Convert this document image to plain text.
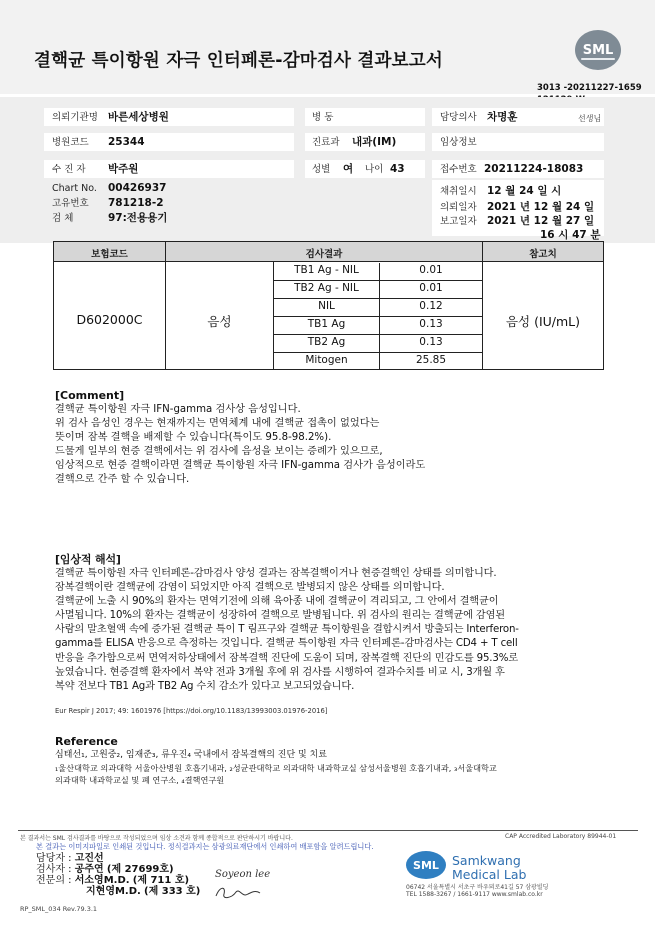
결핵균 특이항원 자극 인터페론-감마검사 결과보고서
SML
3013 -20211227-1659
의뢰기관명 바른세상병원	병 동	담당의사 차명훈	선생님
병원코드 25344	진료과 내과(IM)	임상정보
수 진 자 박주원	성별 여 나이 43	접수번호 20211224-18083
Chart No. 00426937
고유번호 781218-2
검 체	97:전용용기
채취일시 12 월 24 일 시
의뢰일자 2021 년 12 월 24 일
보고일자 2021 년 12 월 27 일
16 시 47 분
보험코드	검사결과	참고치
D602000C	음성	음성 (IU/mL)
TB1 Ag - NIL	0.01
TB2 Ag - NIL	0.01
NIL	0.12
TB1 Ag	0.13
TB2 Ag	0.13
Mitogen	25.85
[Comment]

결핵균 특이항원 자극 IFN-gamma 검사상 음성입니다.

위 검사 음성인 경우는 현재까지는 면역체계 내에 결핵균 접촉이 없었다는

뜻이며 잠복 결핵을 배제할 수 있습니다(특이도 95.8-98.2%).

드물게 일부의 현증 결핵에서는 위 검사에 음성을 보이는 증례가 있으므로,

임상적으로 현증 결핵이라면 결핵균 특이항원 자극 IFN-gamma 검사가 음성이라도

결핵으로 간주 할 수 있습니다.

[임상적 해석]

결핵균 특이항원 자극 인터페론-감마검사 양성 결과는 잠복결핵이거나 현증결핵인 상태를 의미합니다.

잠복결핵이란 결핵균에 감염이 되었지만 아직 결핵으로 발병되지 않은 상태를 의미합니다.

결핵균에 노출 시 90%의 환자는 면역기전에 의해 육아종 내에 결핵균이 격리되고, 그 안에서 결핵균이

사멸됩니다. 10%의 환자는 결핵균이 성장하여 결핵으로 발병됩니다. 위 검사의 원리는 결핵균에 감염된

사람의 말초혈액 속에 증가된 결핵균 특이 T 림프구와 결핵균 특이항원을 결합시켜서 방출되는 Interferon-

gamma를 ELISA 반응으로 측정하는 것입니다. 결핵균 특이항원 자극 인터페론-감마검사는 CD4 + T cell

반응을 추가함으로써 면역저하상태에서 잠복결핵 진단에 도움이 되며, 잠복결핵 진단의 민감도를 95.3%로

높였습니다. 현증결핵 환자에서 복약 전과 3개월 후에 위 검사를 시행하여 결과수치를 비교 시, 3개월 후

복약 전보다 TB1 Ag과 TB2 Ag 수치 감소가 있다고 보고되었습니다.

Eur Respir J 2017; 49: 1601976 [https://doi.org/10.1183/13993003.01976-2016]
Reference

심태선₁, 고원중₂, 임재준₃, 류우진₄ 국내에서 잠복결핵의 진단 및 치료

₁울산대학교 의과대학 서울아산병원 호흡기내과, ₂성균관대학교 의과대학 내과학교실 삼성서울병원 호흡기내과, ₃서울대학교

의과대학 내과학교실 및 폐 연구소, ₄결핵연구원

본 결과서는 SML 검사결과를 바탕으로 작성되었으며 임상 소견과 함께 종합적으로 판단하시기 바랍니다.	CAP Accredited Laboratory 89944-01
본 결과는 이미지파일로 인쇄된 것입니다. 정식결과지는 삼광의료재단에서 인쇄하여 배포함을 알려드립니다.
담당자 : 고진선
검사자 : 공주연 (제 27699호)
전문의 : 서소영M.D. (제 711 호)
지현영M.D. (제 333 호)
Soyeon lee
SML	Samkwang
Medical Lab
06742 서울특별시 서초구 바우뫼로41길 57 삼광빌딩
TEL 1588-3267 / 1661-9117 www.smlab.co.kr
RP_SML_034 Rev.79.3.1
